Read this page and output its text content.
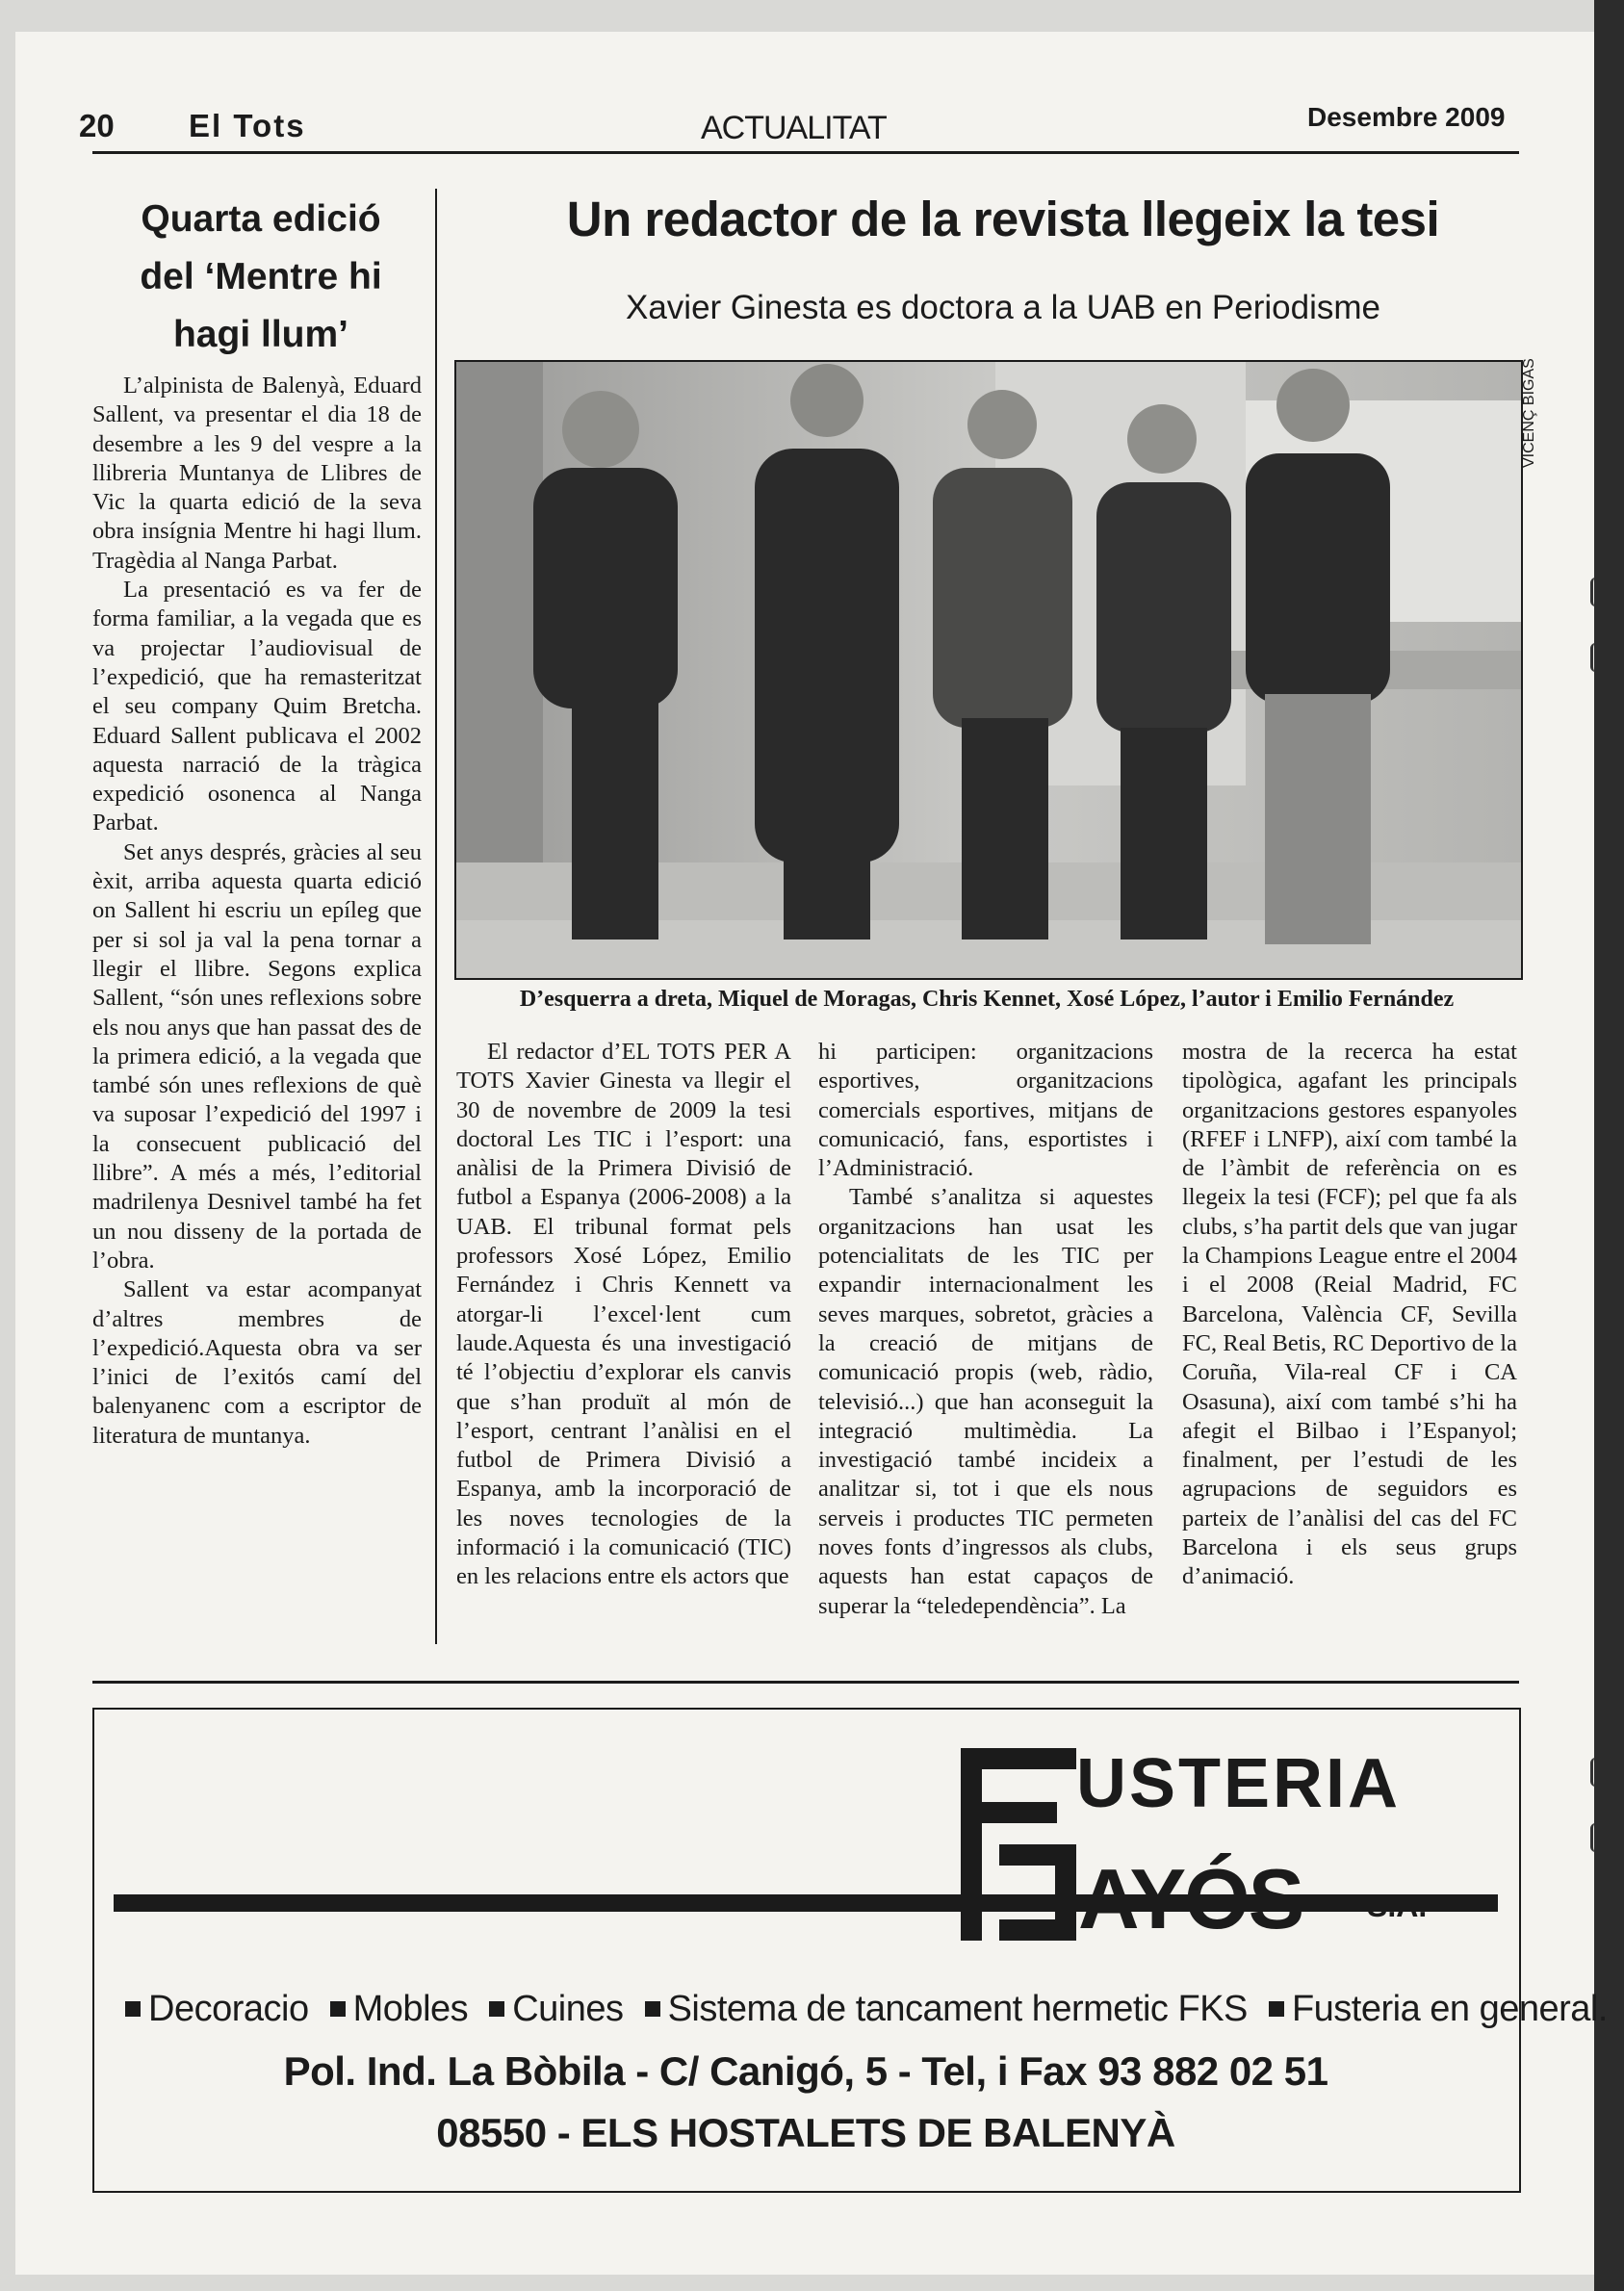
20 El Tots	ACTUALITAT	Desembre 2009
Quarta edició
del ‘Mentre hi
hagi llum’

L’alpinista de Balenyà, Eduard Sallent, va presentar el dia 18 de desembre a les 9 del vespre a la llibreria Muntanya de Llibres de Vic la quarta edició de la seva obra insígnia Mentre hi hagi llum. Tragèdia al Nanga Parbat.

La presentació es va fer de forma familiar, a la vegada que es va projectar l’audiovisual de l’expedició, que ha remasteritzat el seu company Quim Bretcha. Eduard Sallent publicava el 2002 aquesta narració de la tràgica expedició osonenca al Nanga Parbat.

Set anys després, gràcies al seu èxit, arriba aquesta quarta edició on Sallent hi escriu un epíleg que per si sol ja val la pena tornar a llegir el llibre. Segons explica Sallent, “són unes reflexions sobre els nou anys que han passat des de la primera edició, a la vegada que també són unes reflexions de què va suposar l’expedició del 1997 i la consecuent publicació del llibre”. A més a més, l’editorial madrilenya Desnivel també ha fet un nou disseny de la portada de l’obra.

Sallent va estar acompanyat d’altres membres de l’expedició.Aquesta obra va ser l’inici de l’exitós camí del balenyanenc com a escriptor de literatura de muntanya.

Un redactor de la revista llegeix la tesi
Xavier Ginesta es doctora a la UAB en Periodisme
VICENÇ BIGAS
D’esquerra a dreta, Miquel de Moragas, Chris Kennet, Xosé López, l’autor i Emilio Fernández

El redactor d’EL TOTS PER A TOTS Xavier Ginesta va llegir el 30 de novembre de 2009 la tesi doctoral Les TIC i l’esport: una anàlisi de la Primera Divisió de futbol a Espanya (2006-2008) a la UAB. El tribunal format pels professors Xosé López, Emilio Fernández i Chris Kennett va atorgar-li l’excel·lent cum laude.Aquesta és una investigació té l’objectiu d’explorar els canvis que s’han produït al món de l’esport, centrant l’anàlisi en el futbol de Primera Divisió a Espanya, amb la incorporació de les noves tecnologies de la informació i la comunicació (TIC) en les relacions entre els actors que

hi participen: organitzacions esportives, organitzacions comercials esportives, mitjans de comunicació, fans, esportistes i l’Administració.

També s’analitza si aquestes organitzacions han usat les potencialitats de les TIC per expandir internacionalment les seves marques, sobretot, gràcies a la creació de mitjans de comunicació propis (web, ràdio, televisió...) que han aconseguit la integració multimèdia. La investigació també incideix a analitzar si, tot i que els nous serveis i productes TIC permeten noves fonts d’ingressos als clubs, aquests han estat capaços de superar la “teledependència”. La

mostra de la recerca ha estat tipològica, agafant les principals organitzacions gestores espanyoles (RFEF i LNFP), així com també la de l’àmbit de referència on es llegeix la tesi (FCF); pel que fa als clubs, s’ha partit dels que van jugar la Champions League entre el 2004 i el 2008 (Reial Madrid, FC Barcelona, València CF, Sevilla FC, Real Betis, RC Deportivo de la Coruña, Vila-real CF i CA Osasuna), així com també s’hi ha afegit el Bilbao i l’Espanyol; finalment, per l’estudi de les agrupacions de seguidors es parteix de l’anàlisi del cas del FC Barcelona i els seus grups d’animació.

USTERIA
Decoracio Mobles Cuines Sistema de tancament hermetic FKS Fusteria en general.
Pol. Ind. La Bòbila - C/ Canigó, 5 - Tel, i Fax 93 882 02 51
08550 - ELS HOSTALETS DE BALENYÀ
